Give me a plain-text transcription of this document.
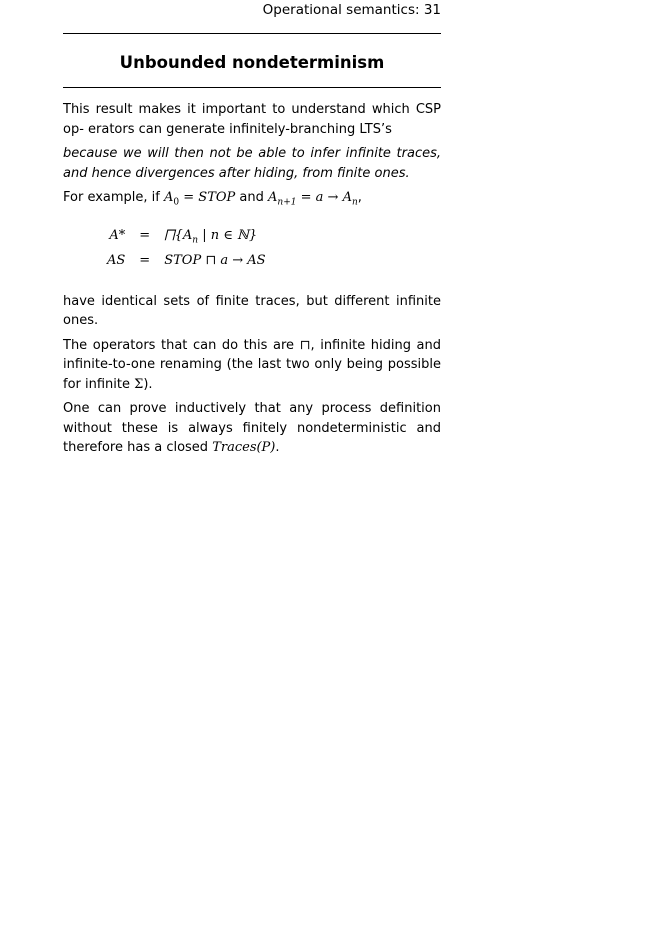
Operational semantics: 31
Unbounded nondeterminism

This result makes it important to understand which CSP op- erators can generate infinitely-branching LTS’s

because we will then not be able to infer infinite traces, and hence divergences after hiding, from finite ones.

For example, if $A_0$ = STOP and $A_{n+1} = a \to A_n$,

A*	=	$⨅\{A_n$ | n ∈ ℕ}
AS	=	STOP ⊓ a → AS

have identical sets of finite traces, but different infinite ones.

The operators that can do this are ⊓, infinite hiding and infinite-to-one renaming (the last two only being possible for infinite Σ).

One can prove inductively that any process definition without these is always finitely nondeterministic and therefore has a closed Traces(P).
